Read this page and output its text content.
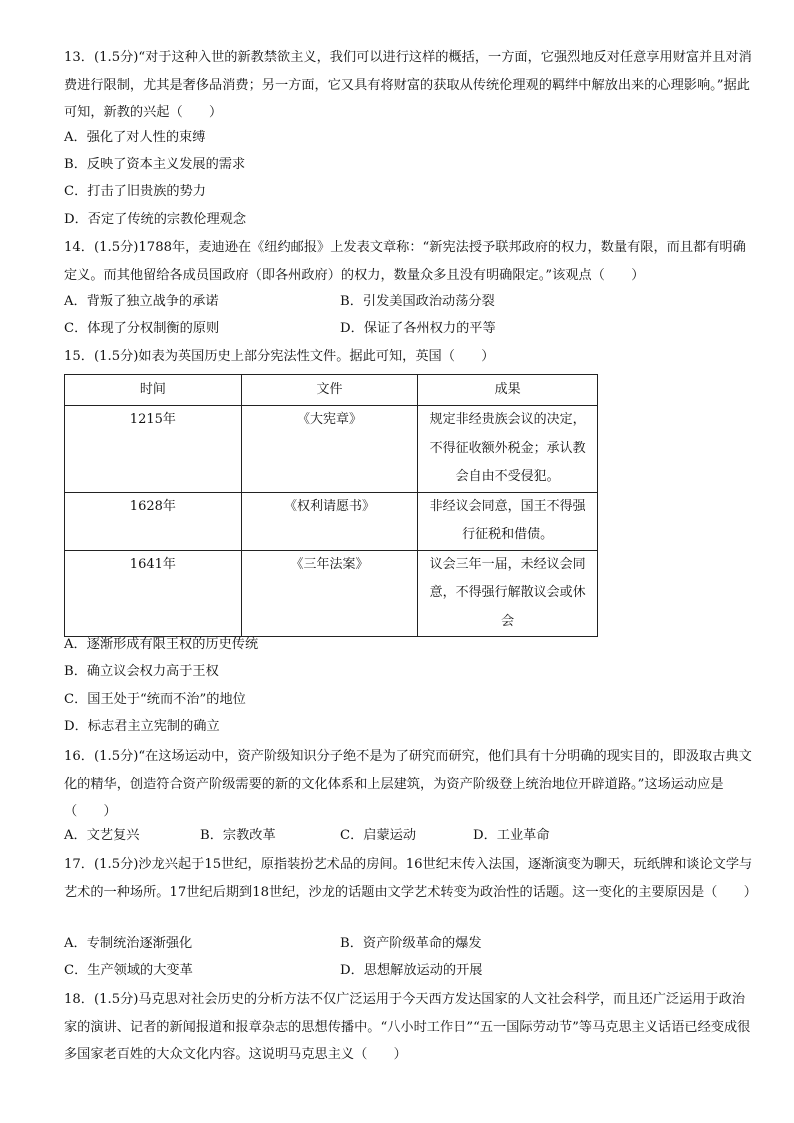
13．(1.5分)“对于这种入世的新教禁欲主义，我们可以进行这样的概括，一方面，它强烈地反对任意享用财富并且对消费进行限制，尤其是奢侈品消费；另一方面，它又具有将财富的获取从传统伦理观的羁绊中解放出来的心理影响。”据此可知，新教的兴起（　　）
A．强化了对人性的束缚
B．反映了资本主义发展的需求
C．打击了旧贵族的势力
D．否定了传统的宗教伦理观念
14．(1.5分)1788年，麦迪逊在《纽约邮报》上发表文章称：“新宪法授予联邦政府的权力，数量有限，而且都有明确定义。而其他留给各成员国政府（即各州政府）的权力，数量众多且没有明确限定。”该观点（　　）
A．背叛了独立战争的承诺	B．引发美国政治动荡分裂
C．体现了分权制衡的原则	D．保证了各州权力的平等
15．(1.5分)如表为英国历史上部分宪法性文件。据此可知，英国（　　）
时间	文件	成果

1215年	《大宪章》	规定非经贵族会议的决定，
不得征收额外税金；承认教
会自由不受侵犯。

1628年	《权利请愿书》	非经议会同意，国王不得强
行征税和借债。

1641年	《三年法案》	议会三年一届，未经议会同
意，不得强行解散议会或休
会
A．逐渐形成有限王权的历史传统
B．确立议会权力高于王权
C．国王处于“统而不治”的地位
D．标志君主立宪制的确立
16．(1.5分)“在这场运动中，资产阶级知识分子绝不是为了研究而研究，他们具有十分明确的现实目的，即汲取古典文化的精华，创造符合资产阶级需要的新的文化体系和上层建筑，为资产阶级登上统治地位开辟道路。”这场运动应是（　　）
A．文艺复兴	B．宗教改革	C．启蒙运动	D．工业革命
17．(1.5分)沙龙兴起于15世纪，原指装扮艺术品的房间。16世纪末传入法国，逐渐演变为聊天，玩纸牌和谈论文学与艺术的一种场所。17世纪后期到18世纪，沙龙的话题由文学艺术转变为政治性的话题。这一变化的主要原因是（　　）
A．专制统治逐渐强化	B．资产阶级革命的爆发
C．生产领域的大变革	D．思想解放运动的开展
18．(1.5分)马克思对社会历史的分析方法不仅广泛运用于今天西方发达国家的人文社会科学，而且还广泛运用于政治家的演讲、记者的新闻报道和报章杂志的思想传播中。“八小时工作日”“五一国际劳动节”等马克思主义话语已经变成很多国家老百姓的大众文化内容。这说明马克思主义（　　）
